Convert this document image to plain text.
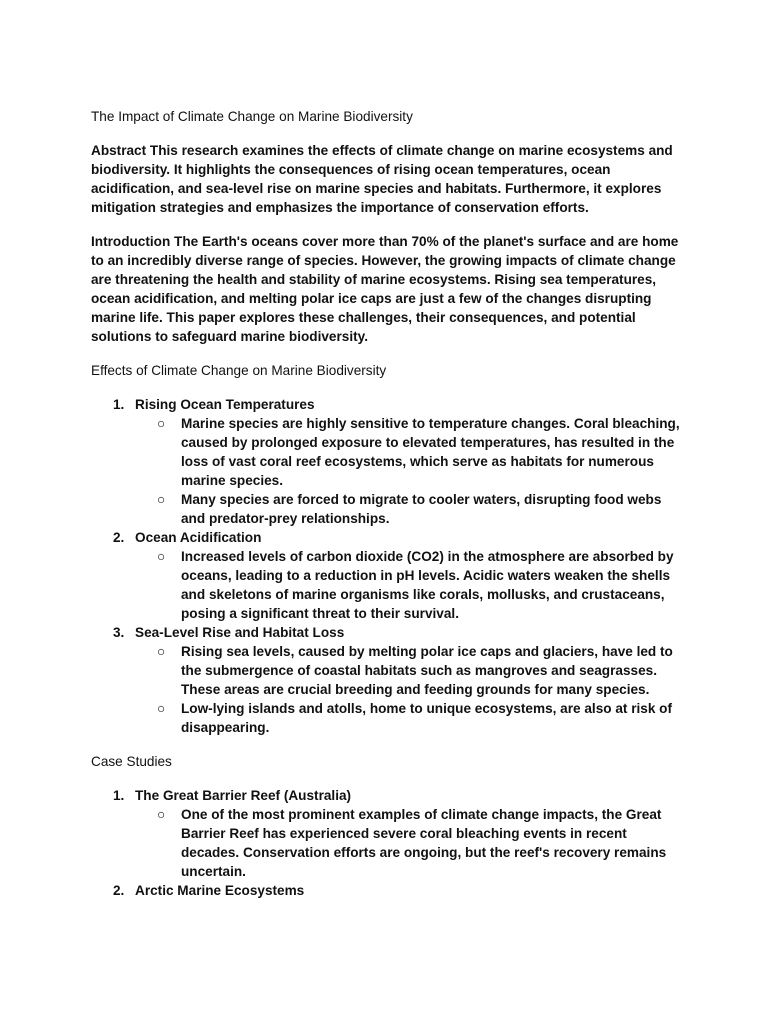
The Impact of Climate Change on Marine Biodiversity
Abstract This research examines the effects of climate change on marine ecosystems and biodiversity. It highlights the consequences of rising ocean temperatures, ocean acidification, and sea-level rise on marine species and habitats. Furthermore, it explores mitigation strategies and emphasizes the importance of conservation efforts.
Introduction The Earth's oceans cover more than 70% of the planet's surface and are home to an incredibly diverse range of species. However, the growing impacts of climate change are threatening the health and stability of marine ecosystems. Rising sea temperatures, ocean acidification, and melting polar ice caps are just a few of the changes disrupting marine life. This paper explores these challenges, their consequences, and potential solutions to safeguard marine biodiversity.
Effects of Climate Change on Marine Biodiversity
1. Rising Ocean Temperatures
○ Marine species are highly sensitive to temperature changes. Coral bleaching, caused by prolonged exposure to elevated temperatures, has resulted in the loss of vast coral reef ecosystems, which serve as habitats for numerous marine species.
○ Many species are forced to migrate to cooler waters, disrupting food webs and predator-prey relationships.
2. Ocean Acidification
○ Increased levels of carbon dioxide (CO2) in the atmosphere are absorbed by oceans, leading to a reduction in pH levels. Acidic waters weaken the shells and skeletons of marine organisms like corals, mollusks, and crustaceans, posing a significant threat to their survival.
3. Sea-Level Rise and Habitat Loss
○ Rising sea levels, caused by melting polar ice caps and glaciers, have led to the submergence of coastal habitats such as mangroves and seagrasses. These areas are crucial breeding and feeding grounds for many species.
○ Low-lying islands and atolls, home to unique ecosystems, are also at risk of disappearing.
Case Studies
1. The Great Barrier Reef (Australia)
○ One of the most prominent examples of climate change impacts, the Great Barrier Reef has experienced severe coral bleaching events in recent decades. Conservation efforts are ongoing, but the reef's recovery remains uncertain.
2. Arctic Marine Ecosystems
